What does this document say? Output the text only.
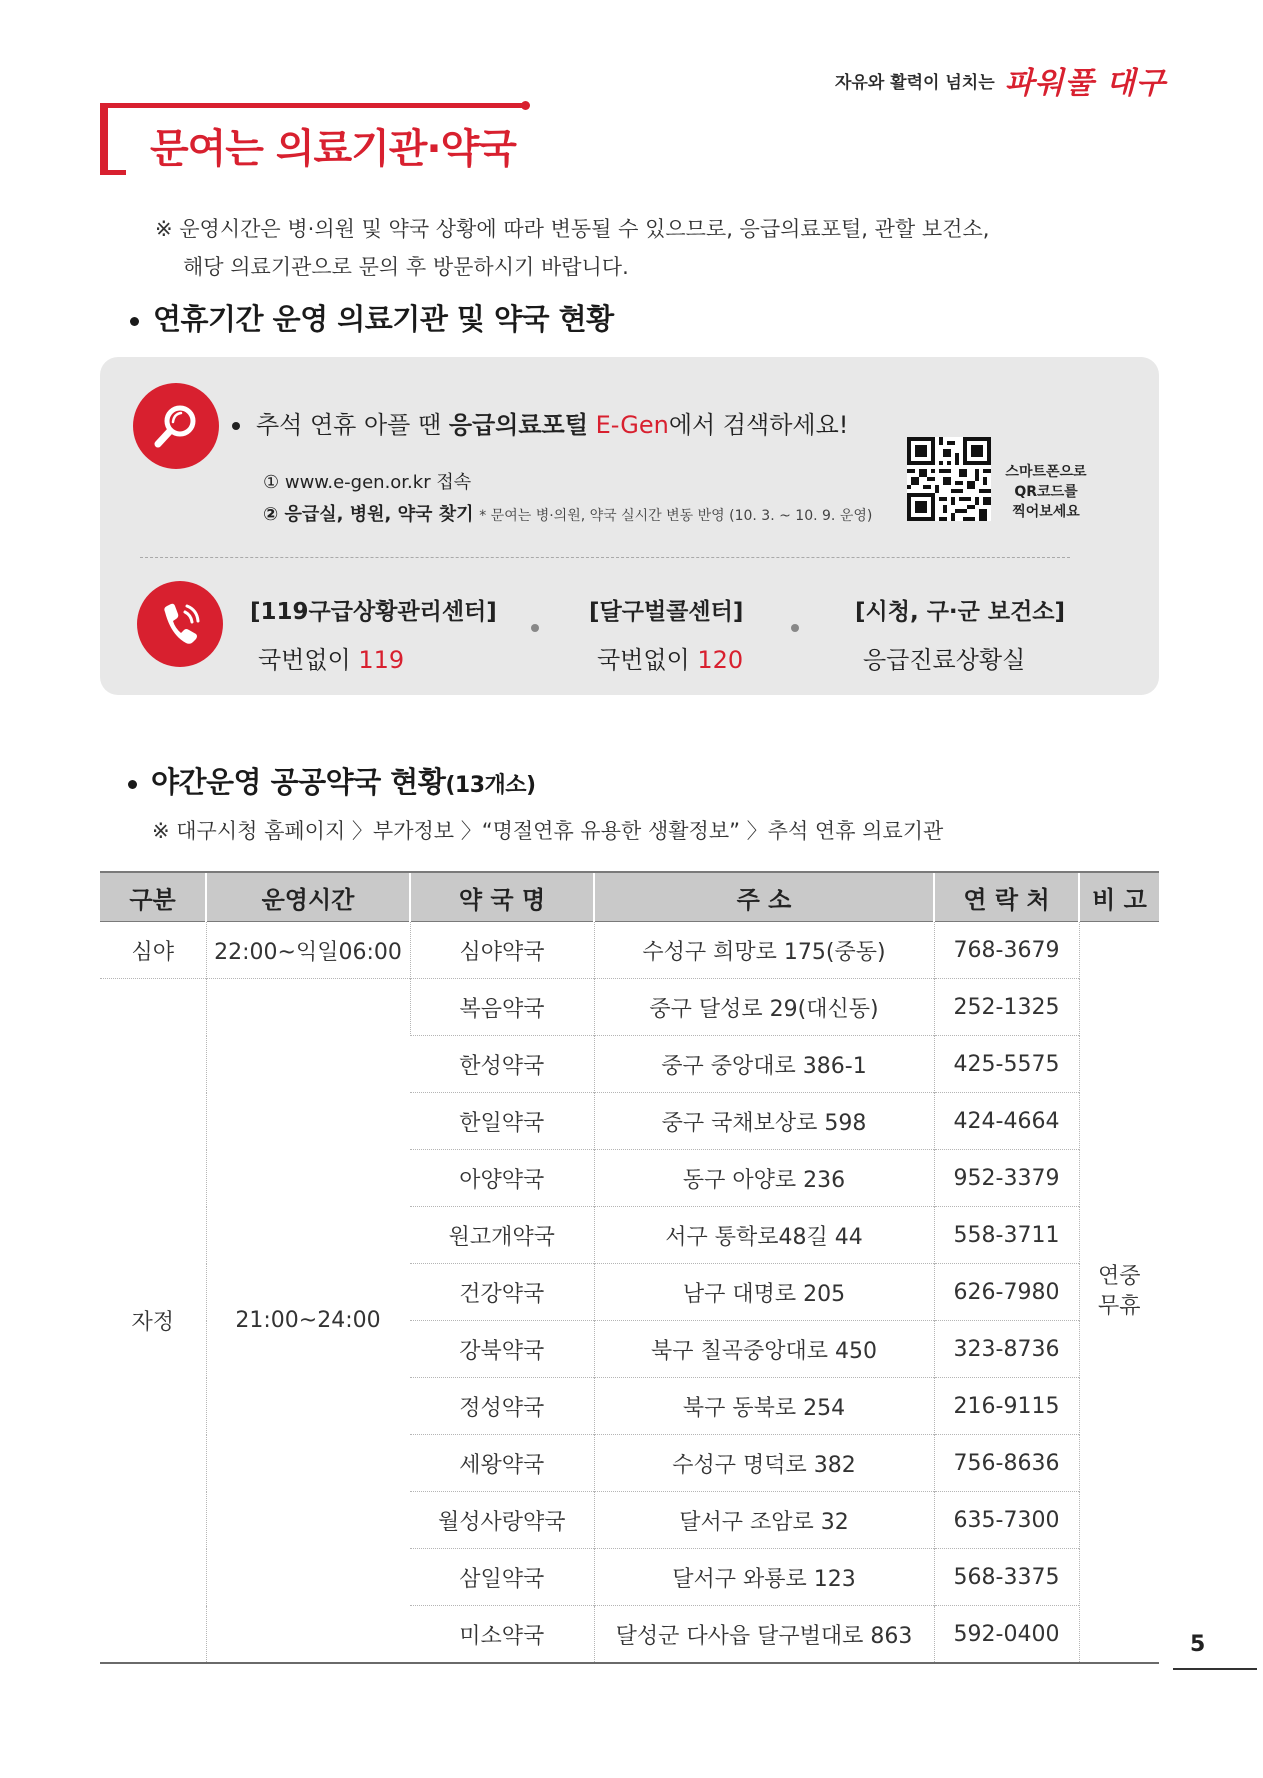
자유와 활력이 넘치는 파워풀 대구
문여는 의료기관·약국
※ 운영시간은 병·의원 및 약국 상황에 따라 변동될 수 있으므로, 응급의료포털, 관할 보건소,
해당 의료기관으로 문의 후 방문하시기 바랍니다.
연휴기간 운영 의료기관 및 약국 현황
추석 연휴 아플 땐 응급의료포털 E-Gen에서 검색하세요!
① www.e-gen.or.kr 접속
② 응급실, 병원, 약국 찾기 * 문여는 병·의원, 약국 실시간 변동 반영 (10. 3. ~ 10. 9. 운영)
스마트폰으로
QR코드를
찍어보세요
[119구급상황관리센터]
국번없이 119
[달구벌콜센터]
국번없이 120
[시청, 구·군 보건소]
응급진료상황실
야간운영 공공약국 현황(13개소)
※ 대구시청 홈페이지 〉부가정보 〉“명절연휴 유용한 생활정보” 〉추석 연휴 의료기관
구분	운영시간	약 국 명	주 소	연 락 처	비 고
심야	22:00~익일06:00	심야약국	수성구 희망로 175(중동)	768-3679	연중
무휴

자정	21:00~24:00	복음약국	중구 달성로 29(대신동)	252-1325	
		한성약국	중구 중앙대로 386-1	425-5575	
		한일약국	중구 국채보상로 598	424-4664	
		아양약국	동구 아양로 236	952-3379	
		원고개약국	서구 통학로48길 44	558-3711	
		건강약국	남구 대명로 205	626-7980	
		강북약국	북구 칠곡중앙대로 450	323-8736	
		정성약국	북구 동북로 254	216-9115	
		세왕약국	수성구 명덕로 382	756-8636	
		월성사랑약국	달서구 조암로 32	635-7300	
		삼일약국	달서구 와룡로 123	568-3375	
		미소약국	달성군 다사읍 달구벌대로 863	592-0400		5
